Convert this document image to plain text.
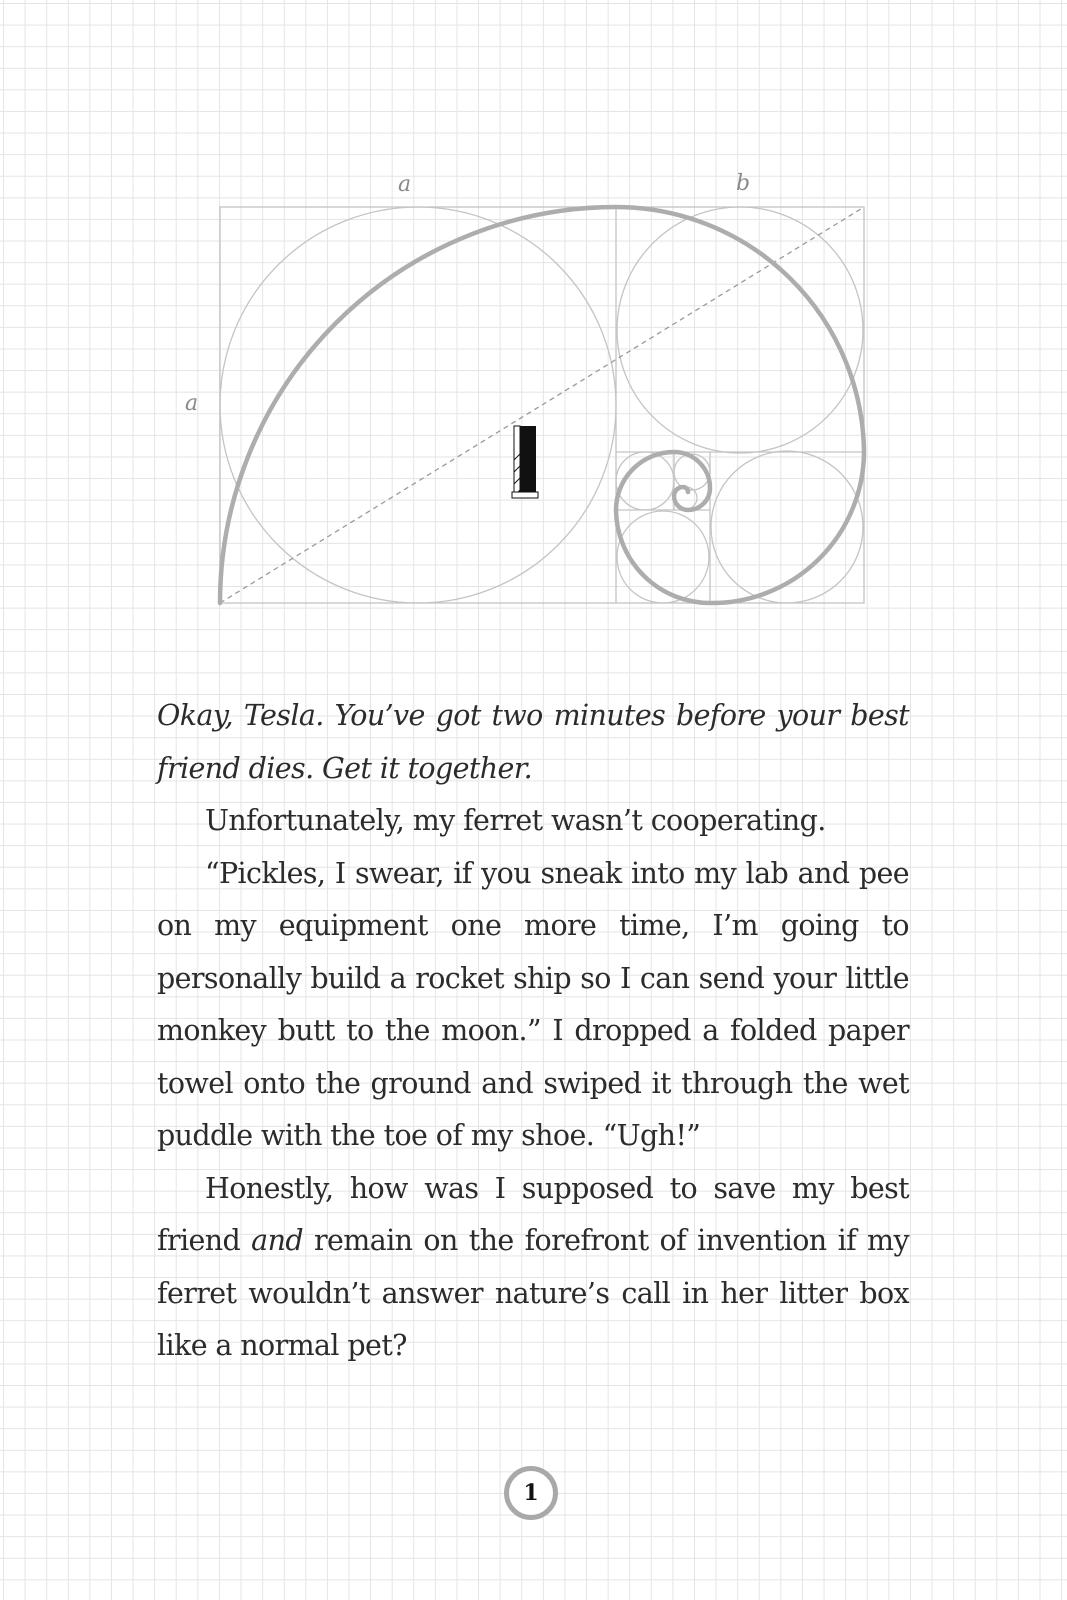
a	b
a

Okay, Tesla. You’ve got two minutes before your best friend dies. Get it together.

Unfortunately, my ferret wasn’t cooperating.

“Pickles, I swear, if you sneak into my lab and pee on my equipment one more time, I’m going to personally build a rocket ship so I can send your little monkey butt to the moon.” I dropped a folded paper towel onto the ground and swiped it through the wet puddle with the toe of my shoe. “Ugh!”

Honestly, how was I supposed to save my best friend and remain on the forefront of invention if my ferret wouldn’t answer nature’s call in her litter box like a normal pet?

1
